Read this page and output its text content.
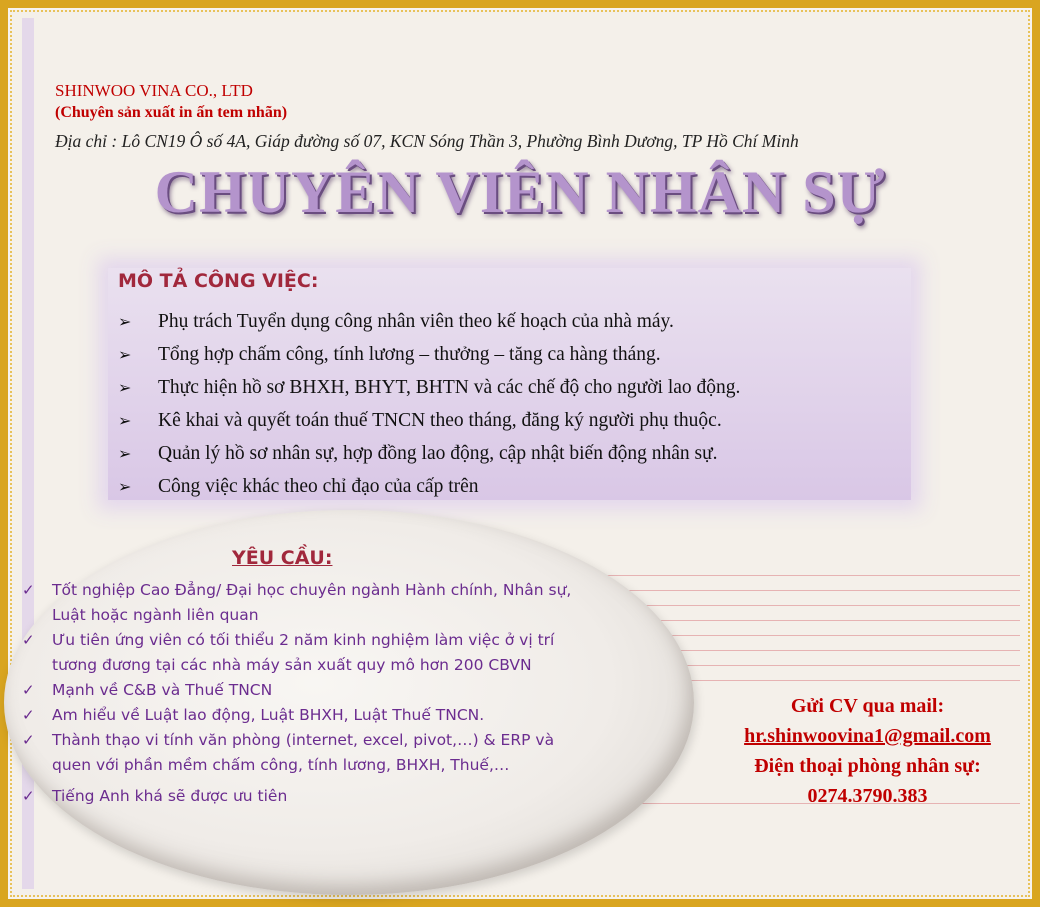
SHINWOO VINA CO., LTD
(Chuyên sản xuất in ấn tem nhãn)
Địa chỉ : Lô CN19 Ô số 4A, Giáp đường số 07, KCN Sóng Thần 3, Phường Bình Dương, TP Hồ Chí Minh
CHUYÊN VIÊN NHÂN SỰ
MÔ TẢ CÔNG VIỆC:
➢ Phụ trách Tuyển dụng công nhân viên theo kế hoạch của nhà máy.
➢ Tổng hợp chấm công, tính lương – thưởng – tăng ca hàng tháng.
➢ Thực hiện hồ sơ BHXH, BHYT, BHTN và các chế độ cho người lao động.
➢ Kê khai và quyết toán thuế TNCN theo tháng, đăng ký người phụ thuộc.
➢ Quản lý hồ sơ nhân sự, hợp đồng lao động, cập nhật biến động nhân sự.
➢ Công việc khác theo chỉ đạo của cấp trên
YÊU CẦU:
✓ Tốt nghiệp Cao Đẳng/ Đại học chuyên ngành Hành chính, Nhân sự, Luật hoặc ngành liên quan
✓ Ưu tiên ứng viên có tối thiểu 2 năm kinh nghiệm làm việc ở vị trí tương đương tại các nhà máy sản xuất quy mô hơn 200 CBVN
✓ Mạnh về C&B và Thuế TNCN
✓ Am hiểu về Luật lao động, Luật BHXH, Luật Thuế TNCN.
✓ Thành thạo vi tính văn phòng (internet, excel, pivot,…) & ERP và quen với phần mềm chấm công, tính lương, BHXH, Thuế,…
✓ Tiếng Anh khá sẽ được ưu tiên
Gửi CV qua mail:
hr.shinwoovina1@gmail.com
Điện thoại phòng nhân sự:
0274.3790.383
